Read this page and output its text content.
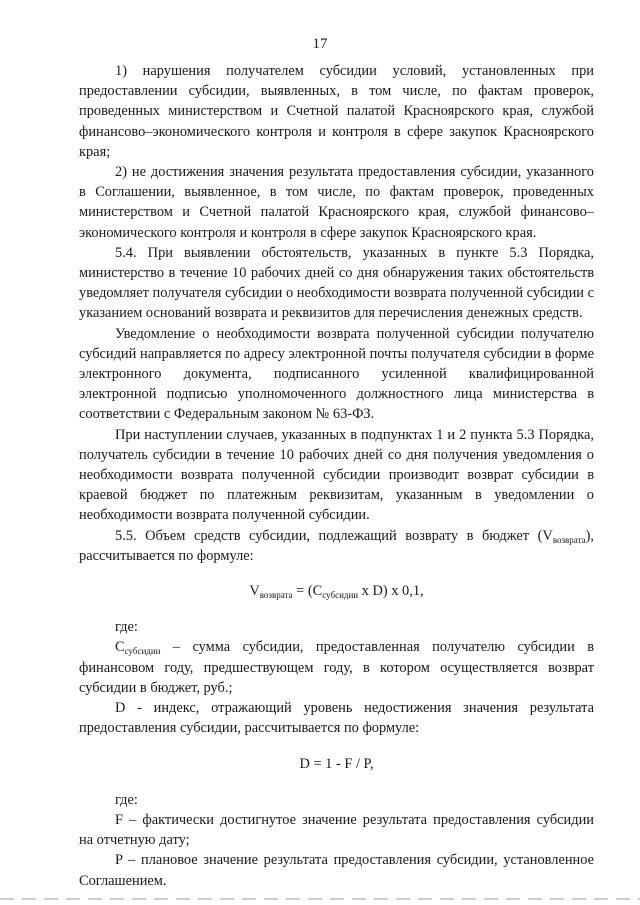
17

1) нарушения получателем субсидии условий, установленных при предоставлении субсидии, выявленных, в том числе, по фактам проверок, проведенных министерством и Счетной палатой Красноярского края, службой финансово–экономического контроля и контроля в сфере закупок Красноярского края;

2) не достижения значения результата предоставления субсидии, указанного в Соглашении, выявленное, в том числе, по фактам проверок, проведенных министерством и Счетной палатой Красноярского края, службой финансово–экономического контроля и контроля в сфере закупок Красноярского края.

5.4. При выявлении обстоятельств, указанных в пункте 5.3 Порядка, министерство в течение 10 рабочих дней со дня обнаружения таких обстоятельств уведомляет получателя субсидии о необходимости возврата полученной субсидии с указанием оснований возврата и реквизитов для перечисления денежных средств.

Уведомление о необходимости возврата полученной субсидии получателю субсидий направляется по адресу электронной почты получателя субсидии в форме электронного документа, подписанного усиленной квалифицированной электронной подписью уполномоченного должностного лица министерства в соответствии с Федеральным законом № 63-ФЗ.

При наступлении случаев, указанных в подпунктах 1 и 2 пункта 5.3 Порядка, получатель субсидии в течение 10 рабочих дней со дня получения уведомления о необходимости возврата полученной субсидии производит возврат субсидии в краевой бюджет по платежным реквизитам, указанным в уведомлении о необходимости возврата полученной субсидии.

5.5. Объем средств субсидии, подлежащий возврату в бюджет $(V_{возврата})$, рассчитывается по формуле:

$V_{возврата} = (C_{субсидии}$ x D) x 0,1,

где:

$C_{субсидии}$ – сумма субсидии, предоставленная получателю субсидии в финансовом году, предшествующем году, в котором осуществляется возврат субсидии в бюджет, руб.;

D - индекс, отражающий уровень недостижения значения результата предоставления субсидии, рассчитывается по формуле:

D = 1 - F / P,

где:

F – фактически достигнутое значение результата предоставления субсидии на отчетную дату;

P – плановое значение результата предоставления субсидии, установленное Соглашением.
